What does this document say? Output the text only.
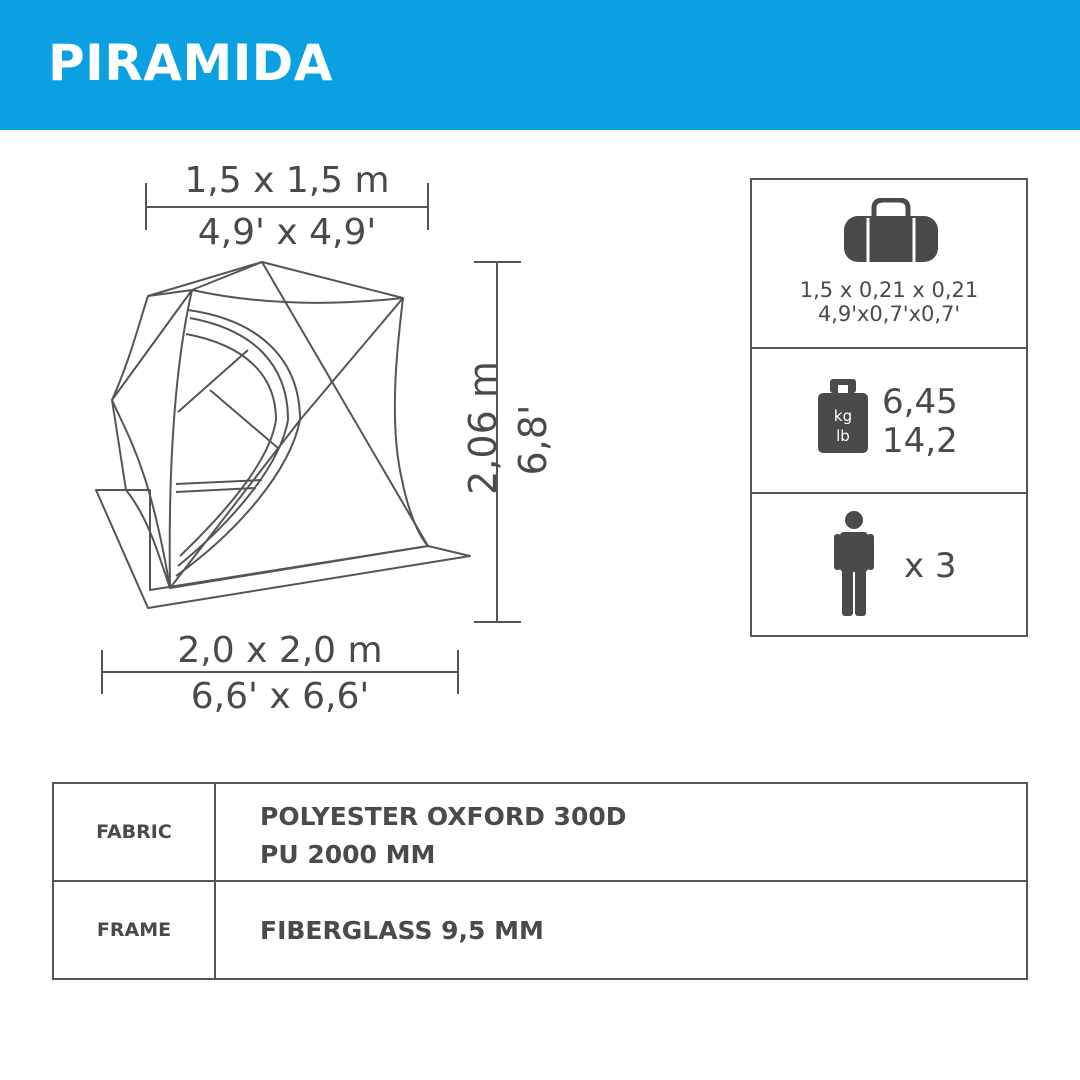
PIRAMIDA
1,5 x 1,5 m
4,9' x 4,9'
2,06 m 6,8'
2,0 x 2,0 m
6,6' x 6,6'
1,5 x 0,21 x 0,21
4,9'x0,7'x0,7'
kg
lb
6,45
14,2
x 3
FABRIC
POLYESTER OXFORD 300D
PU 2000 MM
FRAME	FIBERGLASS 9,5 MM
